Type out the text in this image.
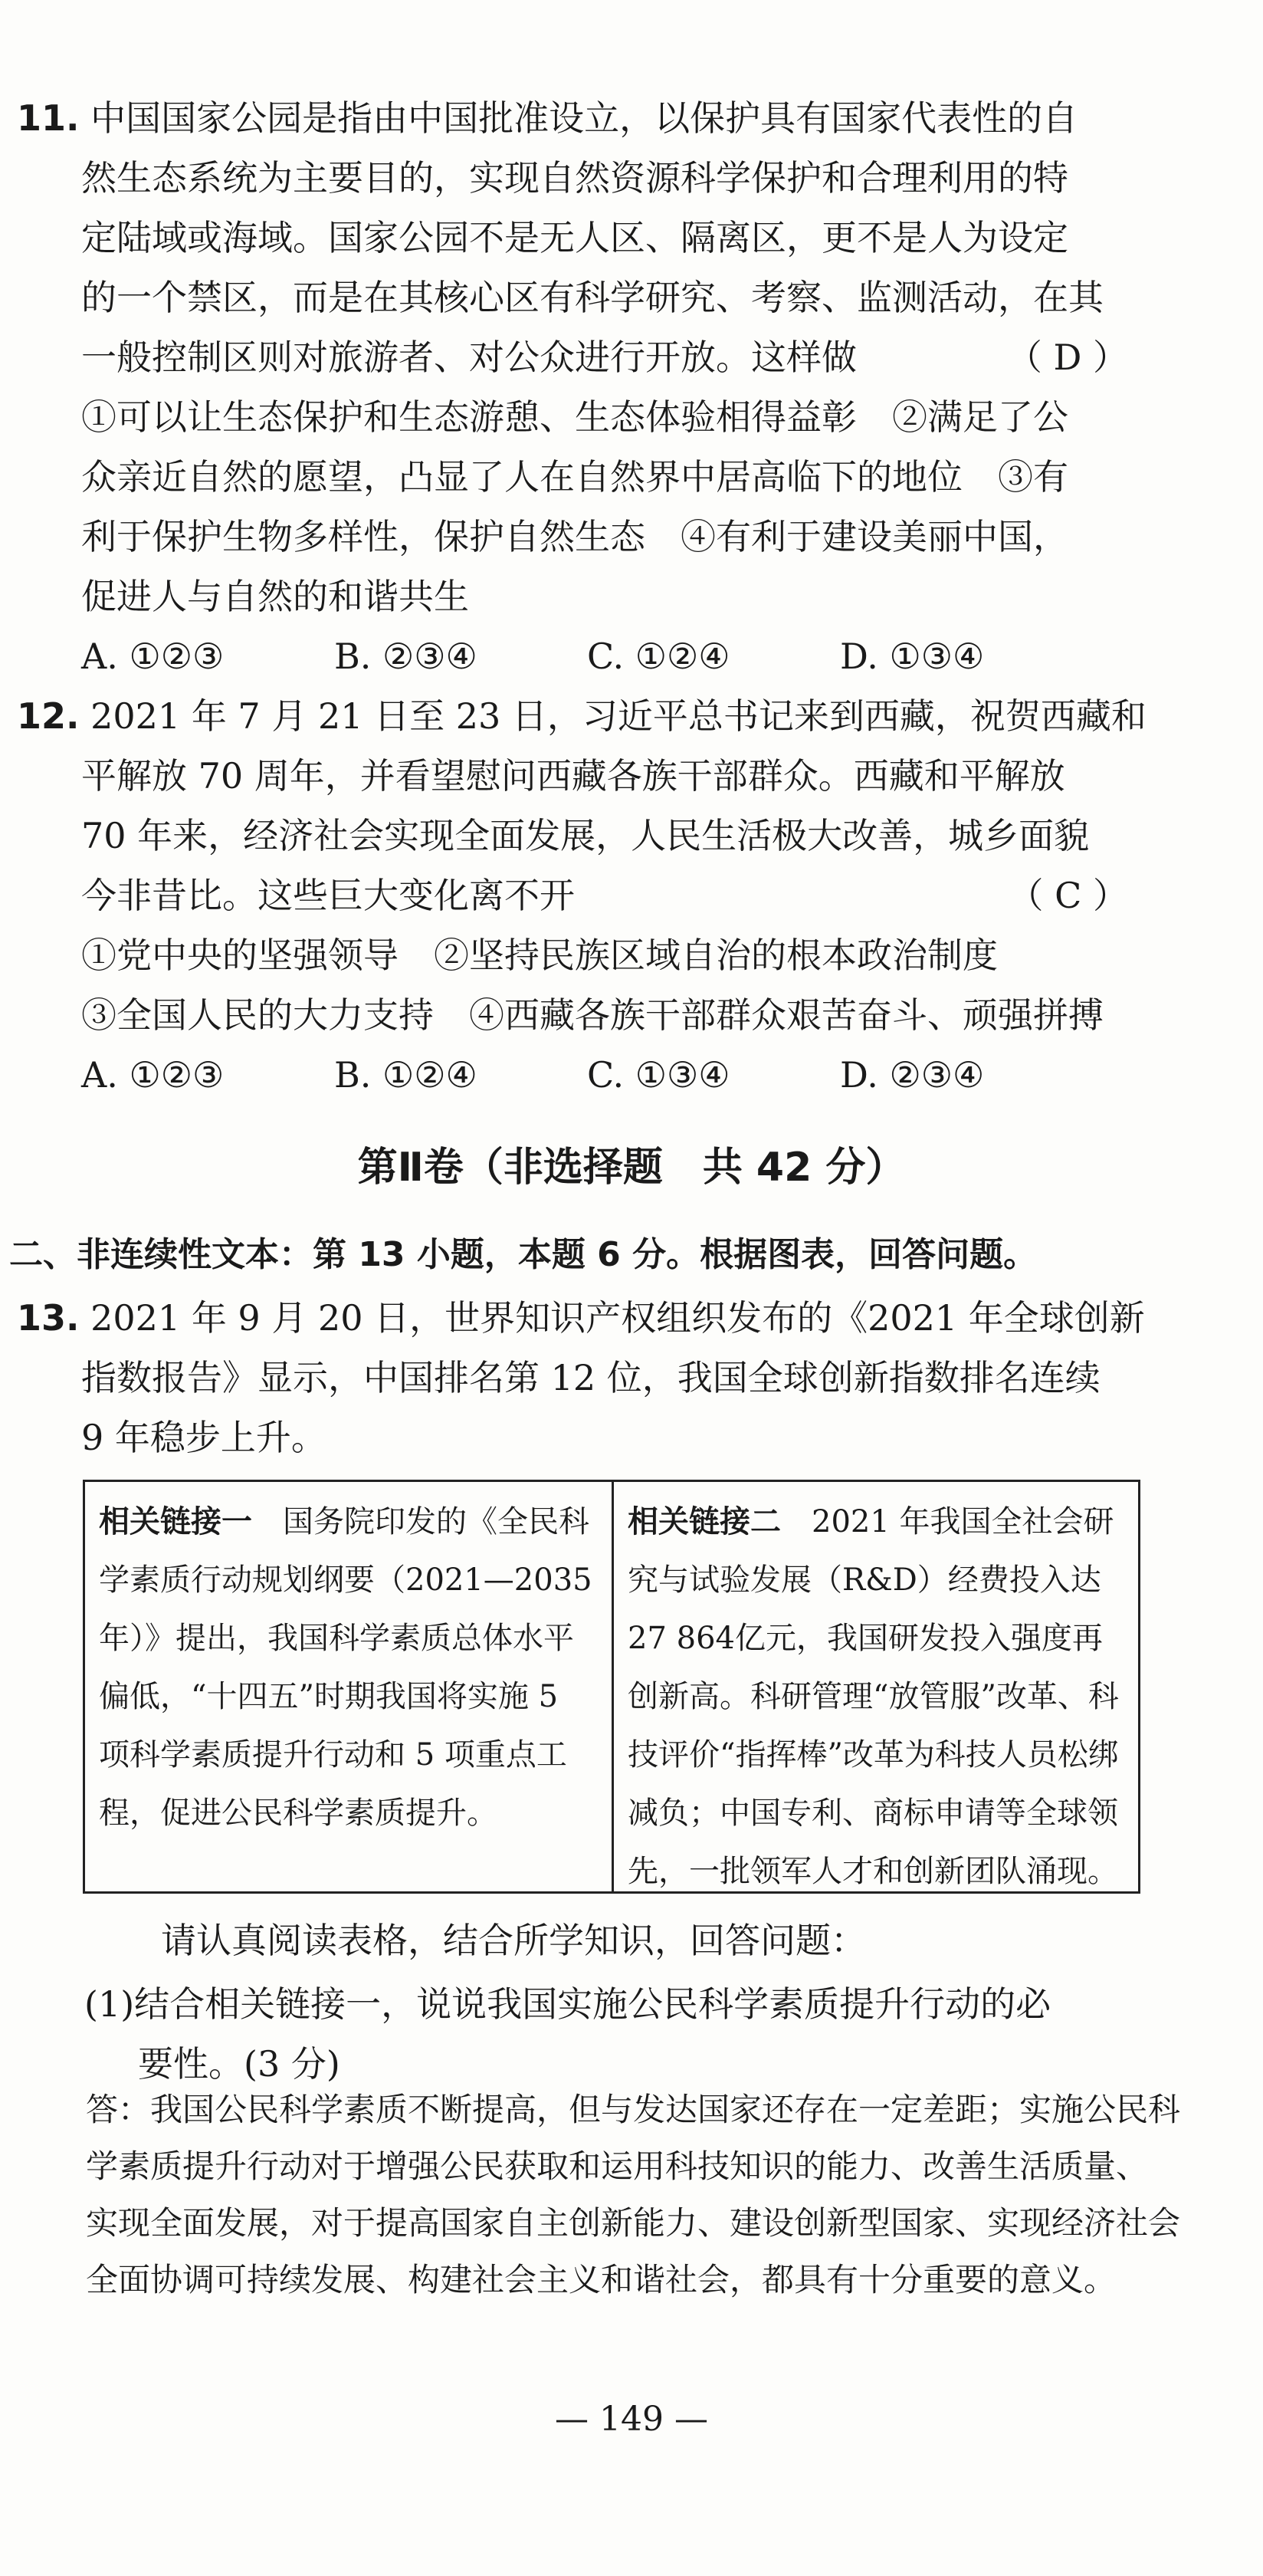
11. 中国国家公园是指由中国批准设立，以保护具有国家代表性的自
然生态系统为主要目的，实现自然资源科学保护和合理利用的特
定陆域或海域。国家公园不是无人区、隔离区，更不是人为设定
的一个禁区，而是在其核心区有科学研究、考察、监测活动，在其
一般控制区则对旅游者、对公众进行开放。这样做	（ D ）
①可以让生态保护和生态游憩、生态体验相得益彰　②满足了公
众亲近自然的愿望，凸显了人在自然界中居高临下的地位　③有
利于保护生物多样性，保护自然生态　④有利于建设美丽中国，
促进人与自然的和谐共生
A. ①②③	B. ②③④	C. ①②④	D. ①③④
12. 2021 年 7 月 21 日至 23 日，习近平总书记来到西藏，祝贺西藏和
平解放 70 周年，并看望慰问西藏各族干部群众。西藏和平解放
70 年来，经济社会实现全面发展，人民生活极大改善，城乡面貌
今非昔比。这些巨大变化离不开	（ C ）
①党中央的坚强领导　②坚持民族区域自治的根本政治制度
③全国人民的大力支持　④西藏各族干部群众艰苦奋斗、顽强拼搏
A. ①②③	B. ①②④	C. ①③④	D. ②③④
第Ⅱ卷（非选择题　共 42 分）
二、非连续性文本：第 13 小题，本题 6 分。根据图表，回答问题。
13. 2021 年 9 月 20 日，世界知识产权组织发布的《2021 年全球创新
指数报告》显示，中国排名第 12 位，我国全球创新指数排名连续
9 年稳步上升。
相关链接一　 国务院印发的《全民科学素质行动规划纲要（2021—2035 年）》提出，我国科学素质总体水平偏低，“十四五”时期我国将实施 5 项科学素质提升行动和 5 项重点工程，促进公民科学素质提升。
相关链接二　 2021 年我国全社会研究与试验发展（R&D）经费投入达 27 864亿元，我国研发投入强度再创新高。科研管理“放管服”改革、科技评价“指挥棒”改革为科技人员松绑减负；中国专利、商标申请等全球领先，一批领军人才和创新团队涌现。
请认真阅读表格，结合所学知识，回答问题：
(1)结合相关链接一，说说我国实施公民科学素质提升行动的必
要性。(3 分)
答：我国公民科学素质不断提高，但与发达国家还存在一定差距；实施公民科
学素质提升行动对于增强公民获取和运用科技知识的能力、改善生活质量、
实现全面发展，对于提高国家自主创新能力、建设创新型国家、实现经济社会
全面协调可持续发展、构建社会主义和谐社会，都具有十分重要的意义。
— 149 —
